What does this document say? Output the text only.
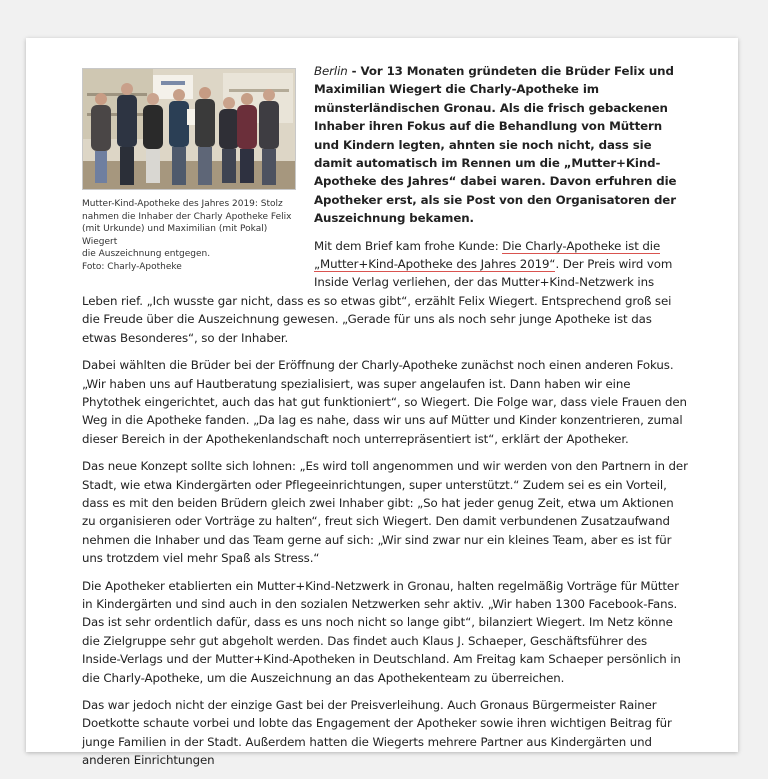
Mutter-Kind-Apotheke des Jahres 2019: Stolz
nahmen die Inhaber der Charly Apotheke Felix
(mit Urkunde) und Maximilian (mit Pokal) Wiegert
die Auszeichnung entgegen.
Foto: Charly-Apotheke

Berlin - Vor 13 Monaten gründeten die Brüder Felix und Maximilian Wiegert die Charly-Apotheke im münsterländischen Gronau. Als die frisch gebackenen Inhaber ihren Fokus auf die Behandlung von Müttern und Kindern legten, ahnten sie noch nicht, dass sie damit automatisch im Rennen um die „Mutter+Kind-Apotheke des Jahres“ dabei waren. Davon erfuhren die Apotheker erst, als sie Post von den Organisatoren der Auszeichnung bekamen.

Mit dem Brief kam frohe Kunde: Die Charly-Apotheke ist die „Mutter+Kind-Apotheke des Jahres 2019“. Der Preis wird vom Inside Verlag verliehen, der das Mutter+Kind-Netzwerk ins Leben rief. „Ich wusste gar nicht, dass es so etwas gibt“, erzählt Felix Wiegert. Entsprechend groß sei die Freude über die Auszeichnung gewesen. „Gerade für uns als noch sehr junge Apotheke ist das etwas Besonderes“, so der Inhaber.

Dabei wählten die Brüder bei der Eröffnung der Charly-Apotheke zunächst noch einen anderen Fokus. „Wir haben uns auf Hautberatung spezialisiert, was super angelaufen ist. Dann haben wir eine Phytothek eingerichtet, auch das hat gut funktioniert“, so Wiegert. Die Folge war, dass viele Frauen den Weg in die Apotheke fanden. „Da lag es nahe, dass wir uns auf Mütter und Kinder konzentrieren, zumal dieser Bereich in der Apothekenlandschaft noch unterrepräsentiert ist“, erklärt der Apotheker.

Das neue Konzept sollte sich lohnen: „Es wird toll angenommen und wir werden von den Partnern in der Stadt, wie etwa Kindergärten oder Pflegeeinrichtungen, super unterstützt.“ Zudem sei es ein Vorteil, dass es mit den beiden Brüdern gleich zwei Inhaber gibt: „So hat jeder genug Zeit, etwa um Aktionen zu organisieren oder Vorträge zu halten“, freut sich Wiegert. Den damit verbundenen Zusatzaufwand nehmen die Inhaber und das Team gerne auf sich: „Wir sind zwar nur ein kleines Team, aber es ist für uns trotzdem viel mehr Spaß als Stress.“

Die Apotheker etablierten ein Mutter+Kind-Netzwerk in Gronau, halten regelmäßig Vorträge für Mütter in Kindergärten und sind auch in den sozialen Netzwerken sehr aktiv. „Wir haben 1300 Facebook-Fans. Das ist sehr ordentlich dafür, dass es uns noch nicht so lange gibt“, bilanziert Wiegert. Im Netz könne die Zielgruppe sehr gut abgeholt werden. Das findet auch Klaus J. Schaeper, Geschäftsführer des Inside-Verlags und der Mutter+Kind-Apotheken in Deutschland. Am Freitag kam Schaeper persönlich in die Charly-Apotheke, um die Auszeichnung an das Apothekenteam zu überreichen.

Das war jedoch nicht der einzige Gast bei der Preisverleihung. Auch Gronaus Bürgermeister Rainer Doetkotte schaute vorbei und lobte das Engagement der Apotheker sowie ihren wichtigen Beitrag für junge Familien in der Stadt. Außerdem hatten die Wiegerts mehrere Partner aus Kindergärten und anderen Einrichtungen
